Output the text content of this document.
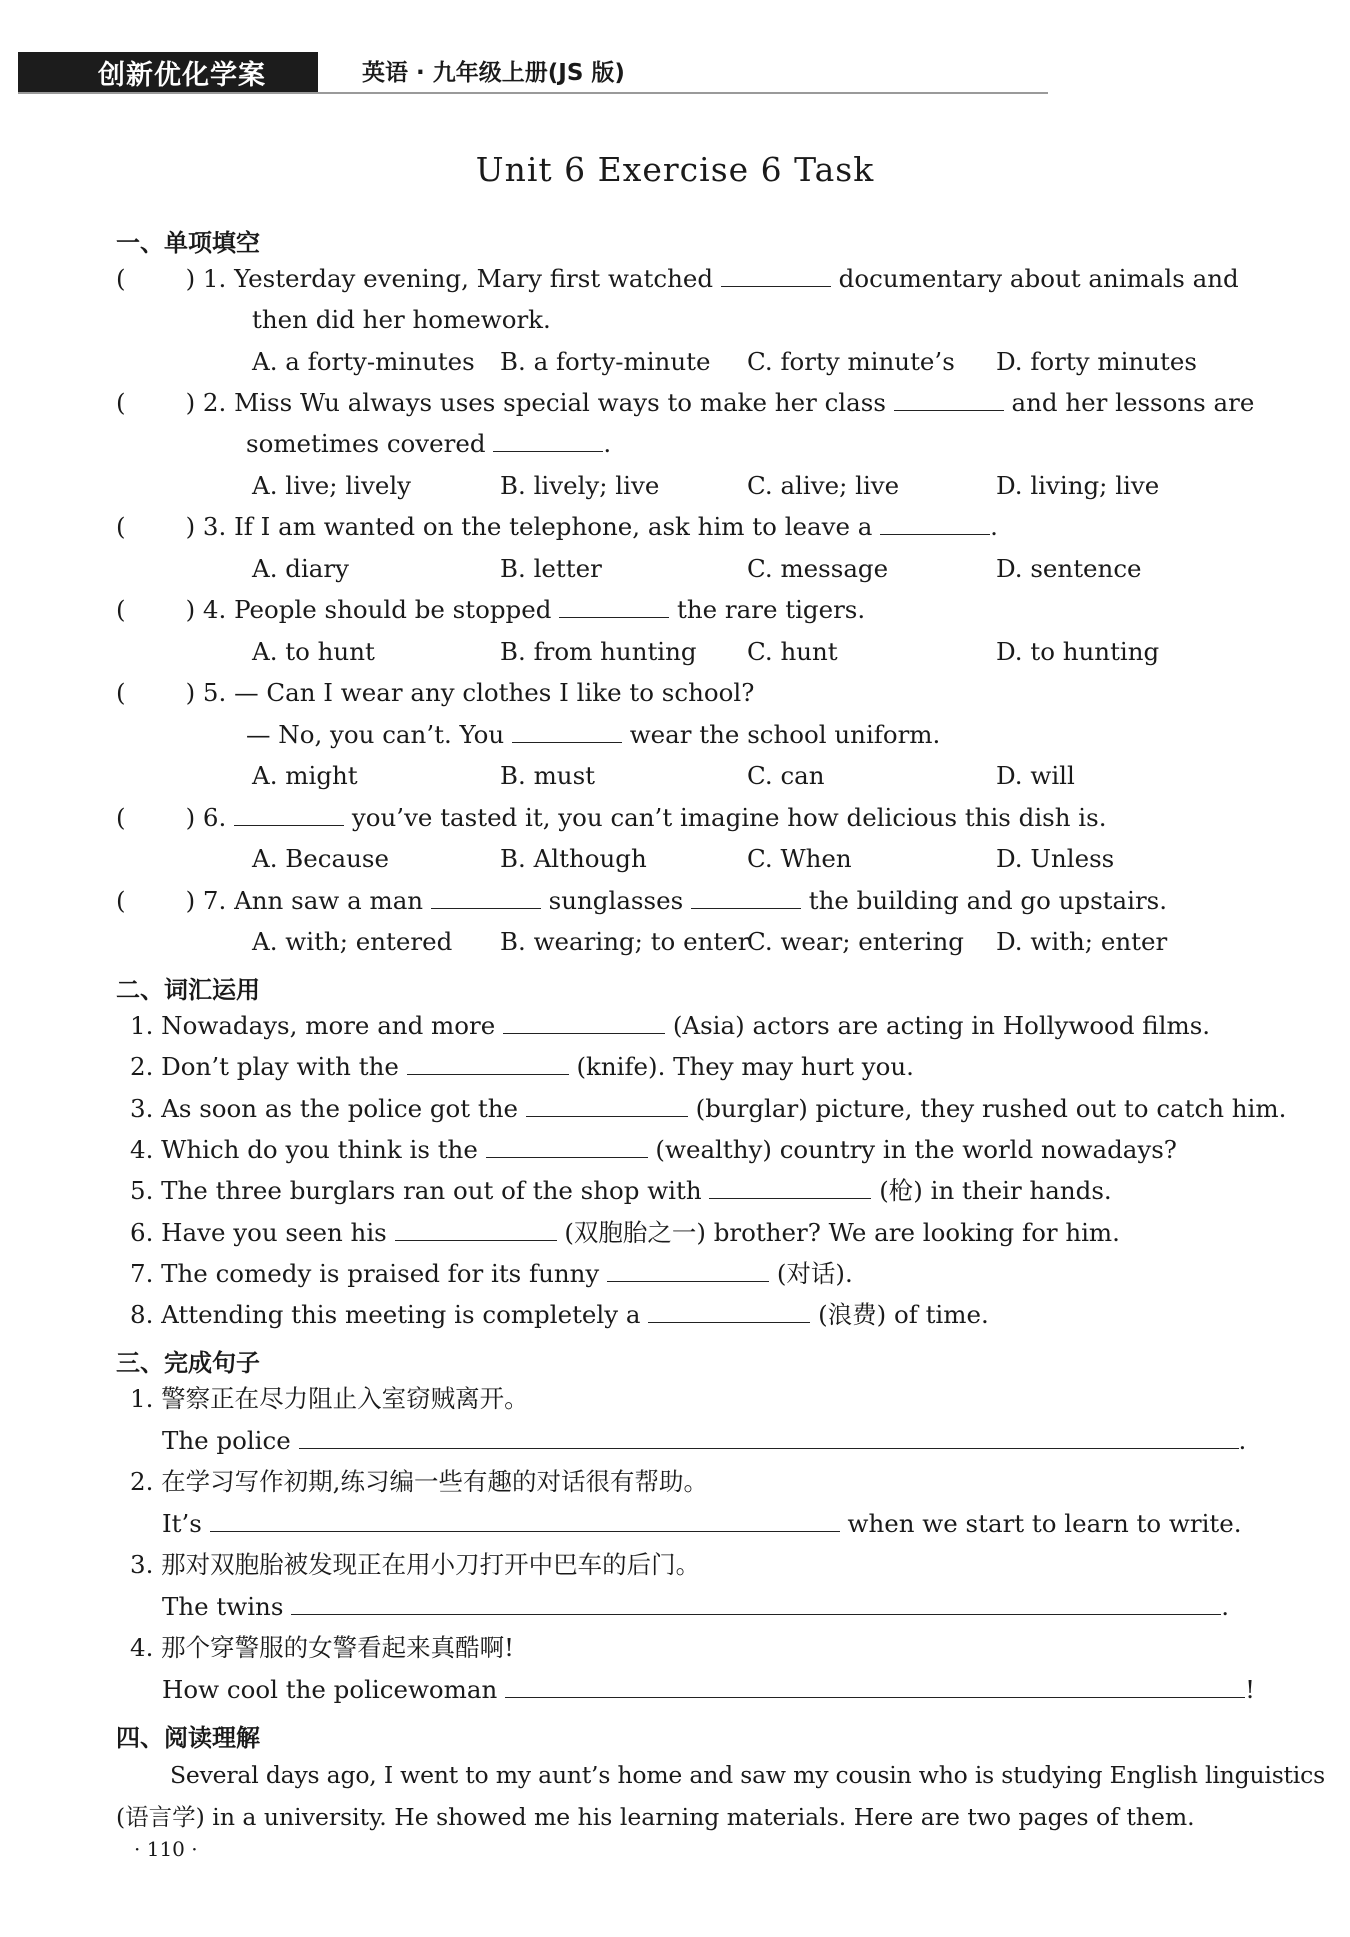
创新优化学案	英语 · 九年级上册(JS 版)
Unit 6 Exercise 6 Task
一、单项填空
( ) 1. Yesterday evening, Mary first watched	documentary about animals and
then did her homework.
A. a forty-minutes B. a forty-minute C. forty minute’s D. forty minutes
( ) 2. Miss Wu always uses special ways to make her class	and her lessons are
sometimes covered	.
A. live; lively	B. lively; live	C. alive; live	D. living; live
( ) 3. If I am wanted on the telephone, ask him to leave a	.
A. diary	B. letter	C. message	D. sentence
( ) 4. People should be stopped	the rare tigers.
A. to hunt	B. from hunting C. hunt	D. to hunting
( ) 5. — Can I wear any clothes I like to school?
— No, you can’t. You	wear the school uniform.
A. might	B. must	C. can	D. will
( ) 6.	you’ve tasted it, you can’t imagine how delicious this dish is.
A. Because	B. Although	C. When	D. Unless
( ) 7. Ann saw a man	sunglasses	the building and go upstairs.
A. with; entered B. wearing; to enter
C. wear; entering D. with; enter
二、词汇运用
1. Nowadays, more and more	(Asia) actors are acting in Hollywood films.
2. Don’t play with the	(knife). They may hurt you.
3. As soon as the police got the	(burglar) picture, they rushed out to catch him.
4. Which do you think is the	(wealthy) country in the world nowadays?
5. The three burglars ran out of the shop with	(枪) in their hands.
6. Have you seen his	(双胞胎之一) brother? We are looking for him.
7. The comedy is praised for its funny	(对话).
8. Attending this meeting is completely a	(浪费) of time.
三、完成句子
1. 警察正在尽力阻止入室窃贼离开。
The police	.
2. 在学习写作初期,练习编一些有趣的对话很有帮助。
It’s	when we start to learn to write.
3. 那对双胞胎被发现正在用小刀打开中巴车的后门。
The twins	.
4. 那个穿警服的女警看起来真酷啊!
How cool the policewoman	!
四、阅读理解
Several days ago, I went to my aunt’s home and saw my cousin who is studying English linguistics
(语言学) in a university. He showed me his learning materials. Here are two pages of them.
· 110 ·
